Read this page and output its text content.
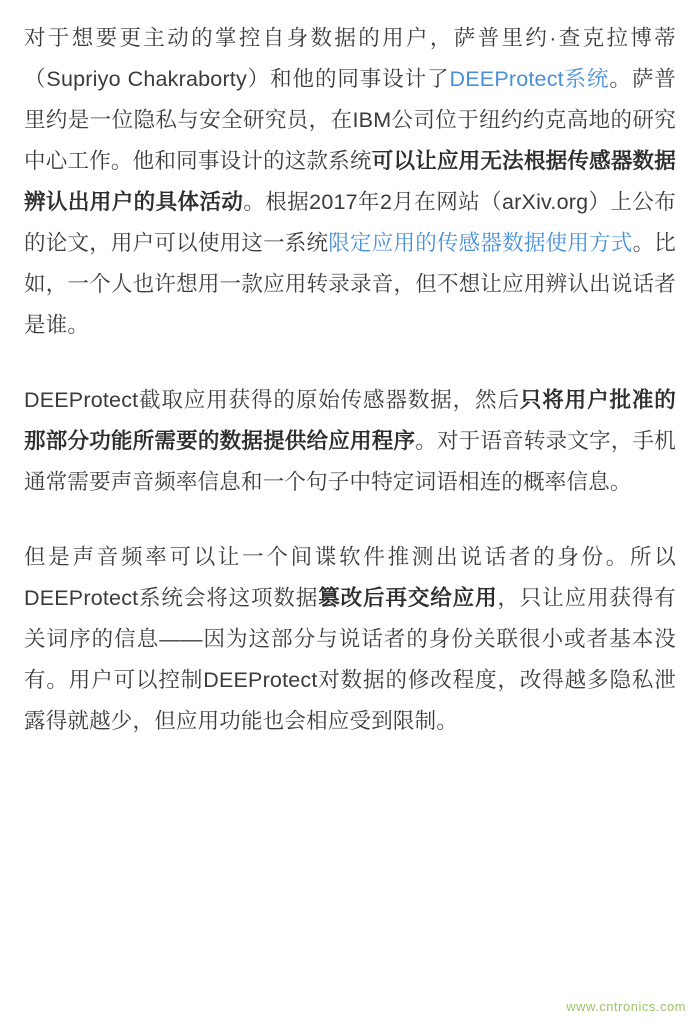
对于想要更主动的掌控自身数据的用户，萨普里约·查克拉博蒂（Supriyo Chakraborty）和他的同事设计了DEEProtect系统。萨普里约是一位隐私与安全研究员，在IBM公司位于纽约约克高地的研究中心工作。他和同事设计的这款系统可以让应用无法根据传感器数据辨认出用户的具体活动。根据2017年2月在网站（arXiv.org）上公布的论文，用户可以使用这一系统限定应用的传感器数据使用方式。比如，一个人也许想用一款应用转录录音，但不想让应用辨认出说话者是谁。

DEEProtect截取应用获得的原始传感器数据，然后只将用户批准的那部分功能所需要的数据提供给应用程序。对于语音转录文字，手机通常需要声音频率信息和一个句子中特定词语相连的概率信息。

但是声音频率可以让一个间谍软件推测出说话者的身份。所以DEEProtect系统会将这项数据篡改后再交给应用，只让应用获得有关词序的信息——因为这部分与说话者的身份关联很小或者基本没有。用户可以控制DEEProtect对数据的修改程度，改得越多隐私泄露得就越少，但应用功能也会相应受到限制。

www.cntronics.com
